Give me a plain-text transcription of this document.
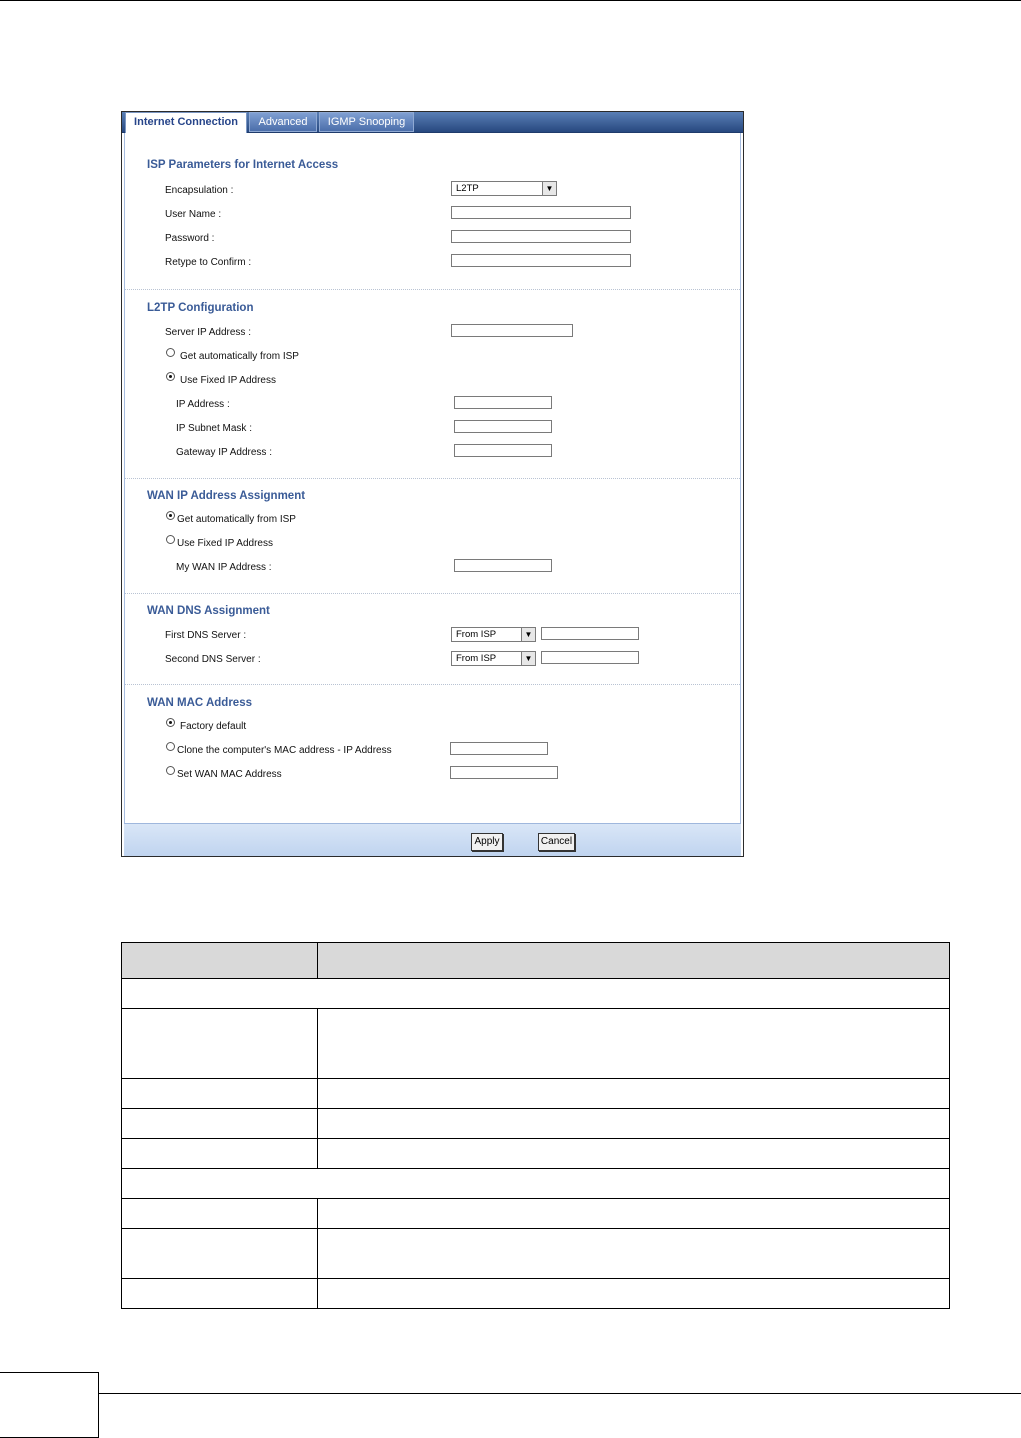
Internet Connection	Advanced	IGMP Snooping
ISP Parameters for Internet Access
Encapsulation :	L2TP	▼
User Name :
Password :
Retype to Confirm :
L2TP Configuration
Server IP Address :
Get automatically from ISP
Use Fixed IP Address
IP Address :
IP Subnet Mask :
Gateway IP Address :
WAN IP Address Assignment
Get automatically from ISP
Use Fixed IP Address
My WAN IP Address :
WAN DNS Assignment
First DNS Server :	From ISP	▼
Second DNS Server :	From ISP	▼
WAN MAC Address
Factory default
Clone the computer's MAC address - IP Address
Set WAN MAC Address
Apply	Cancel
